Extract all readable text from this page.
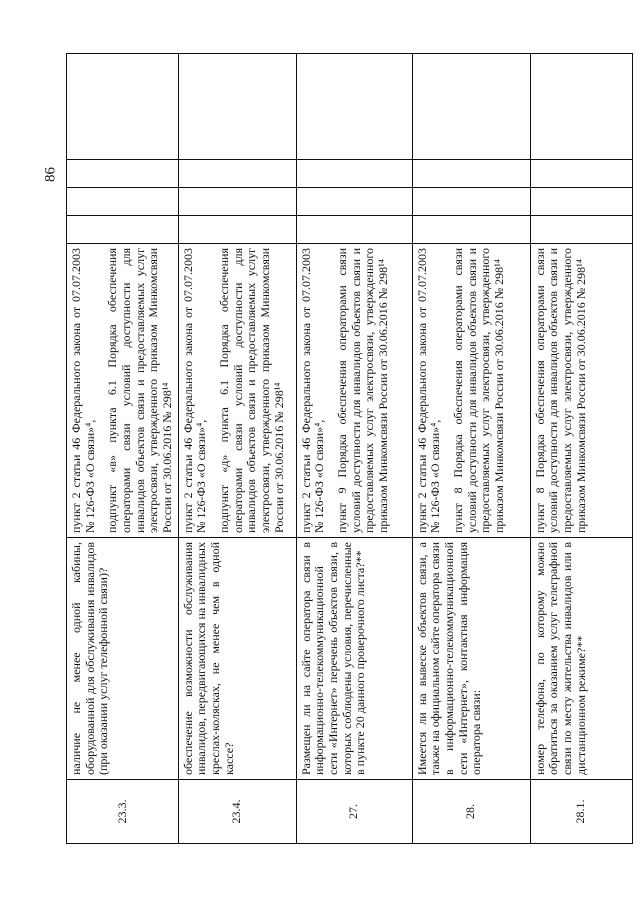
86
23.3.	наличие не менее одной кабины, оборудованной для обслуживания инвалидов (при оказании услуг телефонной связи)?	пункт 2 статьи 46 Федерального закона от 07.07.2003 № 126-ФЗ «О связи»⁴, подпункт «в» пункта 6.1 Порядка обеспечения операторами связи условий доступности для инвалидов объектов связи и предоставляемых услуг электросвязи, утвержденного приказом Минкомсвязи России от 30.06.2016 № 298¹⁴				

23.4.	обеспечение возможности обслуживания инвалидов, передвигающихся на инвалидных креслах-колясках, не менее чем в одной кассе?	пункт 2 статьи 46 Федерального закона от 07.07.2003 № 126-ФЗ «О связи»⁴, подпункт «д» пункта 6.1 Порядка обеспечения операторами связи условий доступности для инвалидов объектов связи и предоставляемых услуг электросвязи, утвержденного приказом Минкомсвязи России от 30.06.2016 № 298¹⁴				

27.	Размещен ли на сайте оператора связи в информационно-телекоммуникационной сети «Интернет» перечень объектов связи, в которых соблюдены условия, перечисленные в пункте 20 данного проверочного листа?**	пункт 2 статьи 46 Федерального закона от 07.07.2003 № 126-ФЗ «О связи»⁴, пункт 9 Порядка обеспечения операторами связи условий доступности для инвалидов объектов связи и предоставляемых услуг электросвязи, утвержденного приказом Минкомсвязи России от 30.06.2016 № 298¹⁴				

28.	Имеется ли на вывеске объектов связи, а также на официальном сайте оператора связи в информационно-телекоммуникационной сети «Интернет», контактная информация оператора связи:	пункт 2 статьи 46 Федерального закона от 07.07.2003 № 126-ФЗ «О связи»⁴, пункт 8 Порядка обеспечения операторами связи условий доступности для инвалидов объектов связи и предоставляемых услуг электросвязи, утвержденного приказом Минкомсвязи России от 30.06.2016 № 298¹⁴				

28.1.	номер телефона, по которому можно обратиться за оказанием услуг телеграфной связи по месту жительства инвалидов или в дистанционном режиме?**	пункт 8 Порядка обеспечения операторами связи условий доступности для инвалидов объектов связи и предоставляемых услуг электросвязи, утвержденного приказом Минкомсвязи России от 30.06.2016 № 298¹⁴				
